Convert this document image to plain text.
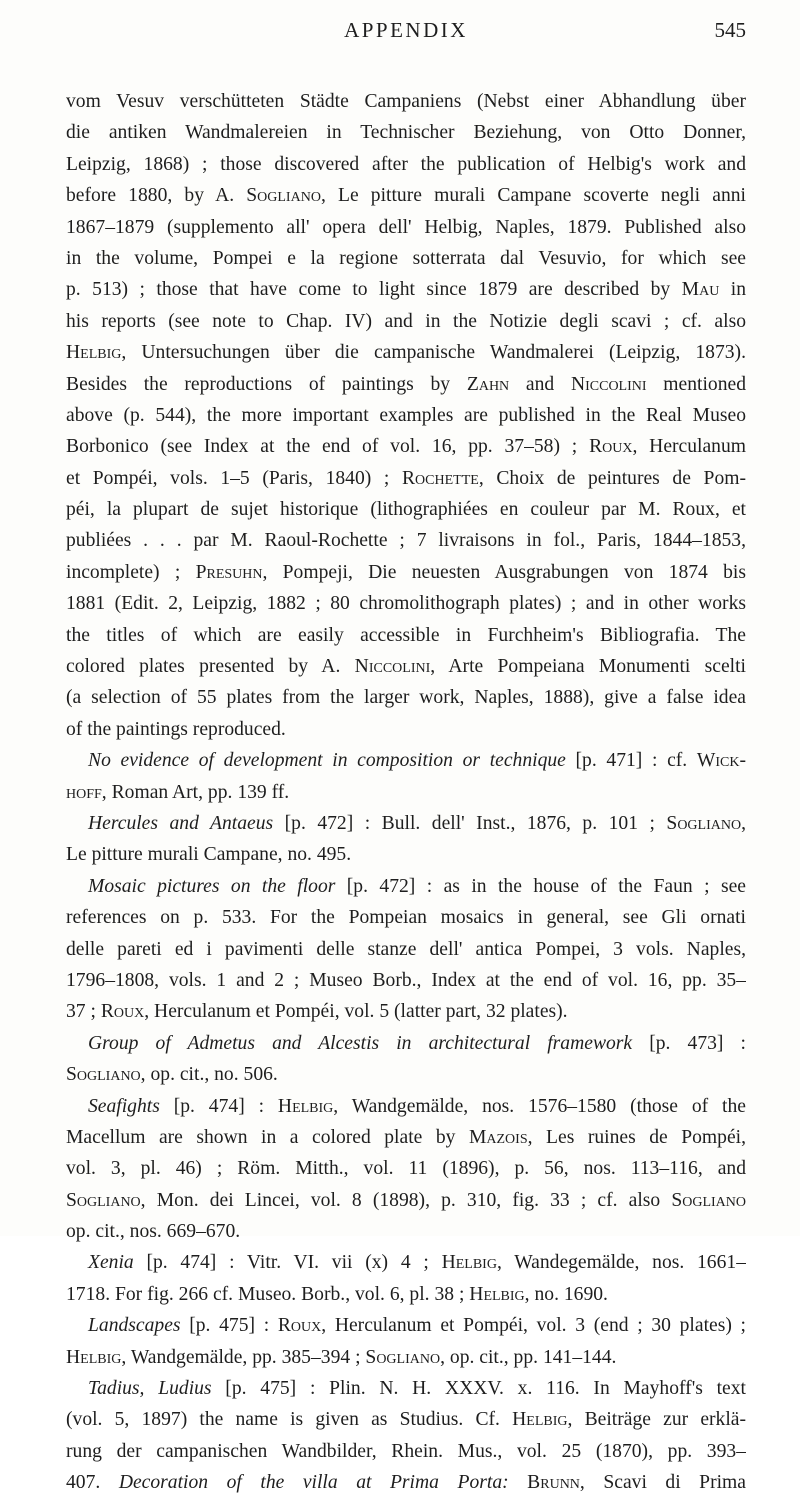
APPENDIX	545
vom Vesuv verschütteten Städte Campaniens (Nebst einer Abhandlung über
die antiken Wandmalereien in Technischer Beziehung, von Otto Donner,
Leipzig, 1868) ; those discovered after the publication of Helbig's work and
before 1880, by A. Sogliano, Le pitture murali Campane scoverte negli anni
1867–1879 (supplemento all' opera dell' Helbig, Naples, 1879. Published also
in the volume, Pompei e la regione sotterrata dal Vesuvio, for which see
p. 513) ; those that have come to light since 1879 are described by Mau in
his reports (see note to Chap. IV) and in the Notizie degli scavi ; cf. also
Helbig, Untersuchungen über die campanische Wandmalerei (Leipzig, 1873).
Besides the reproductions of paintings by Zahn and Niccolini mentioned
above (p. 544), the more important examples are published in the Real Museo
Borbonico (see Index at the end of vol. 16, pp. 37–58) ; Roux, Herculanum
et Pompéi, vols. 1–5 (Paris, 1840) ; Rochette, Choix de peintures de Pom-
péi, la plupart de sujet historique (lithographiées en couleur par M. Roux, et
publiées . . . par M. Raoul-Rochette ; 7 livraisons in fol., Paris, 1844–1853,
incomplete) ; Presuhn, Pompeji, Die neuesten Ausgrabungen von 1874 bis
1881 (Edit. 2, Leipzig, 1882 ; 80 chromolithograph plates) ; and in other works
the titles of which are easily accessible in Furchheim's Bibliografia. The
colored plates presented by A. Niccolini, Arte Pompeiana Monumenti scelti
(a selection of 55 plates from the larger work, Naples, 1888), give a false idea
of the paintings reproduced.
No evidence of development in composition or technique [p. 471] : cf. Wick-
hoff, Roman Art, pp. 139 ff.
Hercules and Antaeus [p. 472] : Bull. dell' Inst., 1876, p. 101 ; Sogliano,
Le pitture murali Campane, no. 495.
Mosaic pictures on the floor [p. 472] : as in the house of the Faun ; see
references on p. 533. For the Pompeian mosaics in general, see Gli ornati
delle pareti ed i pavimenti delle stanze dell' antica Pompei, 3 vols. Naples,
1796–1808, vols. 1 and 2 ; Museo Borb., Index at the end of vol. 16, pp. 35–
37 ; Roux, Herculanum et Pompéi, vol. 5 (latter part, 32 plates).
Group of Admetus and Alcestis in architectural framework [p. 473] :
Sogliano, op. cit., no. 506.
Seafights [p. 474] : Helbig, Wandgemälde, nos. 1576–1580 (those of the
Macellum are shown in a colored plate by Mazois, Les ruines de Pompéi,
vol. 3, pl. 46) ; Röm. Mitth., vol. 11 (1896), p. 56, nos. 113–116, and
Sogliano, Mon. dei Lincei, vol. 8 (1898), p. 310, fig. 33 ; cf. also Sogliano
op. cit., nos. 669–670.
Xenia [p. 474] : Vitr. VI. vii (x) 4 ; Helbig, Wandegemälde, nos. 1661–
1718. For fig. 266 cf. Museo. Borb., vol. 6, pl. 38 ; Helbig, no. 1690.
Landscapes [p. 475] : Roux, Herculanum et Pompéi, vol. 3 (end ; 30 plates) ;
Helbig, Wandgemälde, pp. 385–394 ; Sogliano, op. cit., pp. 141–144.
Tadius, Ludius [p. 475] : Plin. N. H. XXXV. x. 116. In Mayhoff's text
(vol. 5, 1897) the name is given as Studius. Cf. Helbig, Beiträge zur erklä-
rung der campanischen Wandbilder, Rhein. Mus., vol. 25 (1870), pp. 393–
407. Decoration of the villa at Prima Porta: Brunn, Scavi di Prima
